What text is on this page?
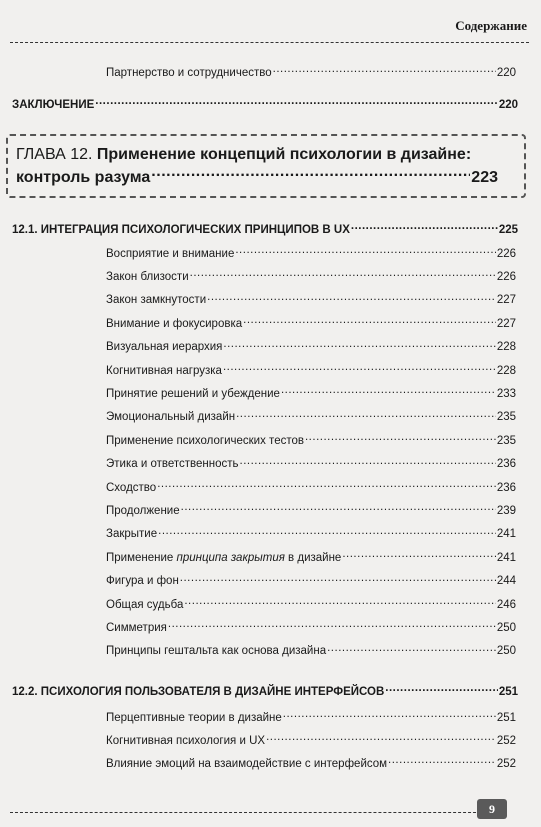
Содержание
Партнерство и сотрудничество .....	220
ЗАКЛЮЧЕНИЕ .....	220
ГЛАВА 12. Применение концепций психологии в дизайне:
контроль разума .....	223
12.1. ИНТЕГРАЦИЯ ПСИХОЛОГИЧЕСКИХ ПРИНЦИПОВ В UX .....	225
Восприятие и внимание .....	226
Закон близости .....	226
Закон замкнутости .....	227
Внимание и фокусировка .....	227
Визуальная иерархия .....	228
Когнитивная нагрузка .....	228
Принятие решений и убеждение .....	233
Эмоциональный дизайн .....	235
Применение психологических тестов .....	235
Этика и ответственность .....	236
Сходство .....	236
Продолжение .....	239
Закрытие .....	241
Применение принципа закрытия в дизайне .....	241
Фигура и фон .....	244
Общая судьба .....	246
Симметрия .....	250
Принципы гештальта как основа дизайна .....	250
12.2. ПСИХОЛОГИЯ ПОЛЬЗОВАТЕЛЯ В ДИЗАЙНЕ ИНТЕРФЕЙСОВ .....	251
Перцептивные теории в дизайне .....	251
Когнитивная психология и UX .....	252
Влияние эмоций на взаимодействие с интерфейсом .....	252
9
